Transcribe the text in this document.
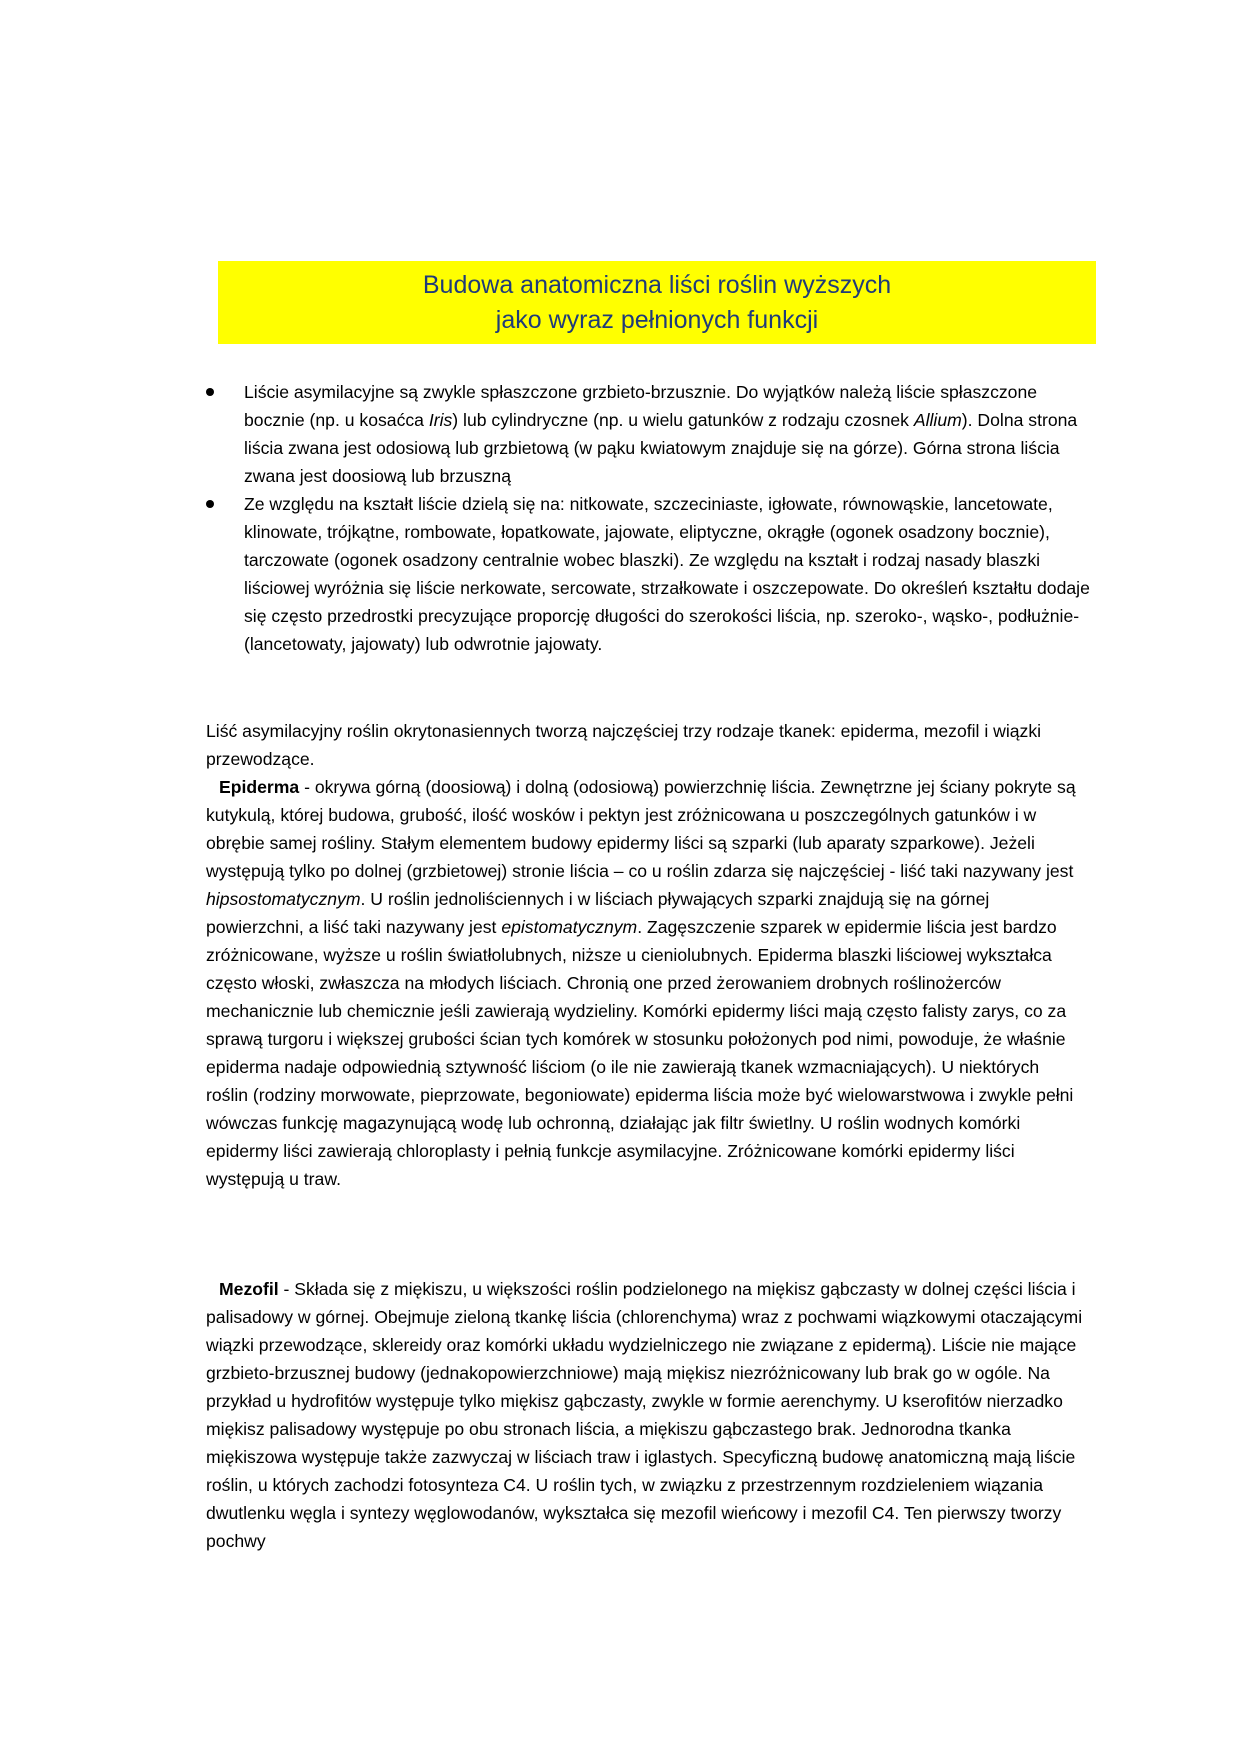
Budowa anatomiczna liści roślin wyższych
jako wyraz pełnionych funkcji
Liście asymilacyjne są zwykle spłaszczone grzbieto-brzusznie. Do wyjątków należą liście spłaszczone bocznie (np. u kosaćca Iris) lub cylindryczne (np. u wielu gatunków z rodzaju czosnek Allium). Dolna strona liścia zwana jest odosiową lub grzbietową (w pąku kwiatowym znajduje się na górze). Górna strona liścia zwana jest doosiową lub brzuszną
Ze względu na kształt liście dzielą się na: nitkowate, szczeciniaste, igłowate, równowąskie, lancetowate, klinowate, trójkątne, rombowate, łopatkowate, jajowate, eliptyczne, okrągłe (ogonek osadzony bocznie), tarczowate (ogonek osadzony centralnie wobec blaszki). Ze względu na kształt i rodzaj nasady blaszki liściowej wyróżnia się liście nerkowate, sercowate, strzałkowate i oszczepowate. Do określeń kształtu dodaje się często przedrostki precyzujące proporcję długości do szerokości liścia, np. szeroko-, wąsko-, podłużnie- (lancetowaty, jajowaty) lub odwrotnie jajowaty.

Liść asymilacyjny roślin okrytonasiennych tworzą najczęściej trzy rodzaje tkanek: epiderma, mezofil i wiązki przewodzące.

Epiderma - okrywa górną (doosiową) i dolną (odosiową) powierzchnię liścia. Zewnętrzne jej ściany pokryte są kutykulą, której budowa, grubość, ilość wosków i pektyn jest zróżnicowana u poszczególnych gatunków i w obrębie samej rośliny. Stałym elementem budowy epidermy liści są szparki (lub aparaty szparkowe). Jeżeli występują tylko po dolnej (grzbietowej) stronie liścia – co u roślin zdarza się najczęściej - liść taki nazywany jest hipsostomatycznym. U roślin jednoliściennych i w liściach pływających szparki znajdują się na górnej powierzchni, a liść taki nazywany jest epistomatycznym. Zagęszczenie szparek w epidermie liścia jest bardzo zróżnicowane, wyższe u roślin światłolubnych, niższe u cieniolubnych. Epiderma blaszki liściowej wykształca często włoski, zwłaszcza na młodych liściach. Chronią one przed żerowaniem drobnych roślinożerców mechanicznie lub chemicznie jeśli zawierają wydzieliny. Komórki epidermy liści mają często falisty zarys, co za sprawą turgoru i większej grubości ścian tych komórek w stosunku położonych pod nimi, powoduje, że właśnie epiderma nadaje odpowiednią sztywność liściom (o ile nie zawierają tkanek wzmacniających). U niektórych roślin (rodziny morwowate, pieprzowate, begoniowate) epiderma liścia może być wielowarstwowa i zwykle pełni wówczas funkcję magazynującą wodę lub ochronną, działając jak filtr świetlny. U roślin wodnych komórki epidermy liści zawierają chloroplasty i pełnią funkcje asymilacyjne. Zróżnicowane komórki epidermy liści występują u traw.

Mezofil - Składa się z miękiszu, u większości roślin podzielonego na miękisz gąbczasty w dolnej części liścia i palisadowy w górnej. Obejmuje zieloną tkankę liścia (chlorenchyma) wraz z pochwami wiązkowymi otaczającymi wiązki przewodzące, sklereidy oraz komórki układu wydzielniczego nie związane z epidermą). Liście nie mające grzbieto-brzusznej budowy (jednakopowierzchniowe) mają miękisz niezróżnicowany lub brak go w ogóle. Na przykład u hydrofitów występuje tylko miękisz gąbczasty, zwykle w formie aerenchymy. U kserofitów nierzadko miękisz palisadowy występuje po obu stronach liścia, a miękiszu gąbczastego brak. Jednorodna tkanka miękiszowa występuje także zazwyczaj w liściach traw i iglastych. Specyficzną budowę anatomiczną mają liście roślin, u których zachodzi fotosynteza C4. U roślin tych, w związku z przestrzennym rozdzieleniem wiązania dwutlenku węgla i syntezy węglowodanów, wykształca się mezofil wieńcowy i mezofil C4. Ten pierwszy tworzy pochwy
